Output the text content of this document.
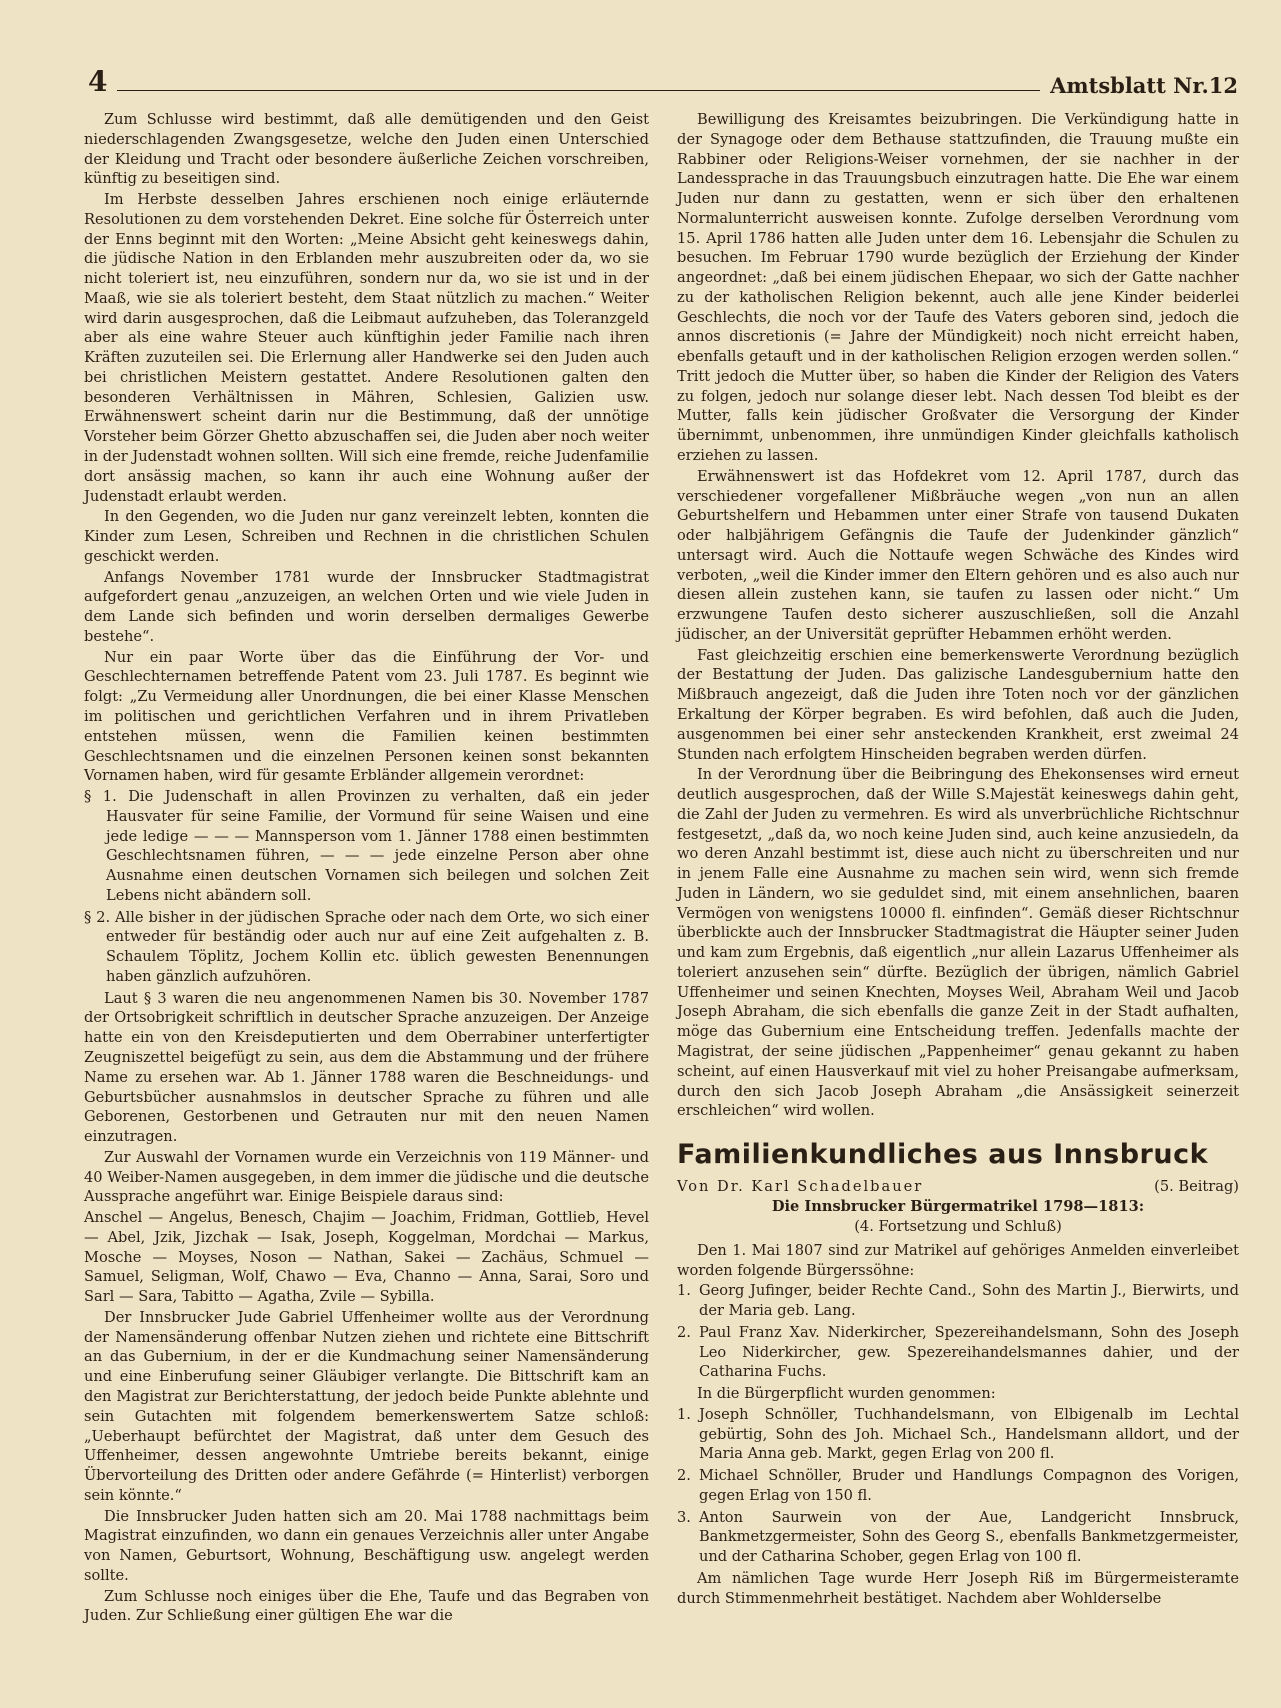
4	Amtsblatt Nr.12

Zum Schlusse wird bestimmt, daß alle demütigenden und den Geist niederschlagenden Zwangsgesetze, welche den Juden einen Unterschied der Kleidung und Tracht oder besondere äußerliche Zeichen vorschreiben, künftig zu beseitigen sind.

Im Herbste desselben Jahres erschienen noch einige erläuternde Resolutionen zu dem vorstehenden Dekret. Eine solche für Österreich unter der Enns beginnt mit den Worten: „Meine Absicht geht keineswegs dahin, die jüdische Nation in den Erblanden mehr auszubreiten oder da, wo sie nicht toleriert ist, neu einzuführen, sondern nur da, wo sie ist und in der Maaß, wie sie als toleriert besteht, dem Staat nützlich zu machen.“ Weiter wird darin ausgesprochen, daß die Leibmaut aufzuheben, das Toleranzgeld aber als eine wahre Steuer auch künftighin jeder Familie nach ihren Kräften zuzuteilen sei. Die Erlernung aller Handwerke sei den Juden auch bei christlichen Meistern gestattet. Andere Resolutionen galten den besonderen Verhältnissen in Mähren, Schlesien, Galizien usw. Erwähnenswert scheint darin nur die Bestimmung, daß der unnötige Vorsteher beim Görzer Ghetto abzuschaffen sei, die Juden aber noch weiter in der Judenstadt wohnen sollten. Will sich eine fremde, reiche Judenfamilie dort ansässig machen, so kann ihr auch eine Wohnung außer der Judenstadt erlaubt werden.

In den Gegenden, wo die Juden nur ganz vereinzelt lebten, konnten die Kinder zum Lesen, Schreiben und Rechnen in die christlichen Schulen geschickt werden.

Anfangs November 1781 wurde der Innsbrucker Stadtmagistrat aufgefordert genau „anzuzeigen, an welchen Orten und wie viele Juden in dem Lande sich befinden und worin derselben dermaliges Gewerbe bestehe“.

Nur ein paar Worte über das die Einführung der Vor- und Geschlechternamen betreffende Patent vom 23. Juli 1787. Es beginnt wie folgt: „Zu Vermeidung aller Unordnungen, die bei einer Klasse Menschen im politischen und gerichtlichen Verfahren und in ihrem Privatleben entstehen müssen, wenn die Familien keinen bestimmten Geschlechtsnamen und die einzelnen Personen keinen sonst bekannten Vornamen haben, wird für gesamte Erbländer allgemein verordnet:

§ 1. Die Judenschaft in allen Provinzen zu verhalten, daß ein jeder Hausvater für seine Familie, der Vormund für seine Waisen und eine jede ledige — — — Mannsperson vom 1. Jänner 1788 einen bestimmten Geschlechtsnamen führen, — — — jede einzelne Person aber ohne Ausnahme einen deutschen Vornamen sich beilegen und solchen Zeit Lebens nicht abändern soll.

§ 2. Alle bisher in der jüdischen Sprache oder nach dem Orte, wo sich einer entweder für beständig oder auch nur auf eine Zeit aufgehalten z. B. Schaulem Töplitz, Jochem Kollin etc. üblich gewesten Benennungen haben gänzlich aufzuhören.

Laut § 3 waren die neu angenommenen Namen bis 30. November 1787 der Ortsobrigkeit schriftlich in deutscher Sprache anzuzeigen. Der Anzeige hatte ein von den Kreisdeputierten und dem Oberrabiner unterfertigter Zeugniszettel beigefügt zu sein, aus dem die Abstammung und der frühere Name zu ersehen war. Ab 1. Jänner 1788 waren die Beschneidungs- und Geburtsbücher ausnahmslos in deutscher Sprache zu führen und alle Geborenen, Gestorbenen und Getrauten nur mit den neuen Namen einzutragen.

Zur Auswahl der Vornamen wurde ein Verzeichnis von 119 Männer- und 40 Weiber-Namen ausgegeben, in dem immer die jüdische und die deutsche Aussprache angeführt war. Einige Beispiele daraus sind:

Anschel — Angelus, Benesch, Chajim — Joachim, Fridman, Gottlieb, Hevel — Abel, Jzik, Jizchak — Isak, Joseph, Koggelman, Mordchai — Markus, Mosche — Moyses, Noson — Nathan, Sakei — Zachäus, Schmuel — Samuel, Seligman, Wolf, Chawo — Eva, Channo — Anna, Sarai, Soro und Sarl — Sara, Tabitto — Agatha, Zvile — Sybilla.

Der Innsbrucker Jude Gabriel Uffenheimer wollte aus der Verordnung der Namensänderung offenbar Nutzen ziehen und richtete eine Bittschrift an das Gubernium, in der er die Kundmachung seiner Namensänderung und eine Einberufung seiner Gläubiger verlangte. Die Bittschrift kam an den Magistrat zur Berichterstattung, der jedoch beide Punkte ablehnte und sein Gutachten mit folgendem bemerkenswertem Satze schloß: „Ueberhaupt befürchtet der Magistrat, daß unter dem Gesuch des Uffenheimer, dessen angewohnte Umtriebe bereits bekannt, einige Übervorteilung des Dritten oder andere Gefährde (= Hinterlist) verborgen sein könnte.“

Die Innsbrucker Juden hatten sich am 20. Mai 1788 nachmittags beim Magistrat einzufinden, wo dann ein genaues Verzeichnis aller unter Angabe von Namen, Geburtsort, Wohnung, Beschäftigung usw. angelegt werden sollte.

Zum Schlusse noch einiges über die Ehe, Taufe und das Begraben von Juden. Zur Schließung einer gültigen Ehe war die

Bewilligung des Kreisamtes beizubringen. Die Verkündigung hatte in der Synagoge oder dem Bethause stattzufinden, die Trauung mußte ein Rabbiner oder Religions-Weiser vornehmen, der sie nachher in der Landessprache in das Trauungsbuch einzutragen hatte. Die Ehe war einem Juden nur dann zu gestatten, wenn er sich über den erhaltenen Normalunterricht ausweisen konnte. Zufolge derselben Verordnung vom 15. April 1786 hatten alle Juden unter dem 16. Lebensjahr die Schulen zu besuchen. Im Februar 1790 wurde bezüglich der Erziehung der Kinder angeordnet: „daß bei einem jüdischen Ehepaar, wo sich der Gatte nachher zu der katholischen Religion bekennt, auch alle jene Kinder beiderlei Geschlechts, die noch vor der Taufe des Vaters geboren sind, jedoch die annos discretionis (= Jahre der Mündigkeit) noch nicht erreicht haben, ebenfalls getauft und in der katholischen Religion erzogen werden sollen.“ Tritt jedoch die Mutter über, so haben die Kinder der Religion des Vaters zu folgen, jedoch nur solange dieser lebt. Nach dessen Tod bleibt es der Mutter, falls kein jüdischer Großvater die Versorgung der Kinder übernimmt, unbenommen, ihre unmündigen Kinder gleichfalls katholisch erziehen zu lassen.

Erwähnenswert ist das Hofdekret vom 12. April 1787, durch das verschiedener vorgefallener Mißbräuche wegen „von nun an allen Geburtshelfern und Hebammen unter einer Strafe von tausend Dukaten oder halbjährigem Gefängnis die Taufe der Judenkinder gänzlich“ untersagt wird. Auch die Nottaufe wegen Schwäche des Kindes wird verboten, „weil die Kinder immer den Eltern gehören und es also auch nur diesen allein zustehen kann, sie taufen zu lassen oder nicht.“ Um erzwungene Taufen desto sicherer auszuschließen, soll die Anzahl jüdischer, an der Universität geprüfter Hebammen erhöht werden.

Fast gleichzeitig erschien eine bemerkenswerte Verordnung bezüglich der Bestattung der Juden. Das galizische Landesgubernium hatte den Mißbrauch angezeigt, daß die Juden ihre Toten noch vor der gänzlichen Erkaltung der Körper begraben. Es wird befohlen, daß auch die Juden, ausgenommen bei einer sehr ansteckenden Krankheit, erst zweimal 24 Stunden nach erfolgtem Hinscheiden begraben werden dürfen.

In der Verordnung über die Beibringung des Ehekonsenses wird erneut deutlich ausgesprochen, daß der Wille S.Majestät keineswegs dahin geht, die Zahl der Juden zu vermehren. Es wird als unverbrüchliche Richtschnur festgesetzt, „daß da, wo noch keine Juden sind, auch keine anzusiedeln, da wo deren Anzahl bestimmt ist, diese auch nicht zu überschreiten und nur in jenem Falle eine Ausnahme zu machen sein wird, wenn sich fremde Juden in Ländern, wo sie geduldet sind, mit einem ansehnlichen, baaren Vermögen von wenigstens 10000 fl. einfinden“. Gemäß dieser Richtschnur überblickte auch der Innsbrucker Stadtmagistrat die Häupter seiner Juden und kam zum Ergebnis, daß eigentlich „nur allein Lazarus Uffenheimer als toleriert anzusehen sein“ dürfte. Bezüglich der übrigen, nämlich Gabriel Uffenheimer und seinen Knechten, Moyses Weil, Abraham Weil und Jacob Joseph Abraham, die sich ebenfalls die ganze Zeit in der Stadt aufhalten, möge das Gubernium eine Entscheidung treffen. Jedenfalls machte der Magistrat, der seine jüdischen „Pappenheimer“ genau gekannt zu haben scheint, auf einen Hausverkauf mit viel zu hoher Preisangabe aufmerksam, durch den sich Jacob Joseph Abraham „die Ansässigkeit seinerzeit erschleichen“ wird wollen.

Familienkundliches aus Innsbruck
Von Dr. Karl Schadelbauer	(5. Beitrag)

Die Innsbrucker Bürgermatrikel 1798—1813:

(4. Fortsetzung und Schluß)

Den 1. Mai 1807 sind zur Matrikel auf gehöriges Anmelden einverleibet worden folgende Bürgerssöhne:

1. Georg Jufinger, beider Rechte Cand., Sohn des Martin J., Bierwirts, und der Maria geb. Lang.

2. Paul Franz Xav. Niderkircher, Spezereihandelsmann, Sohn des Joseph Leo Niderkircher, gew. Spezereihandelsmannes dahier, und der Catharina Fuchs.

In die Bürgerpflicht wurden genommen:

1. Joseph Schnöller, Tuchhandelsmann, von Elbigenalb im Lechtal gebürtig, Sohn des Joh. Michael Sch., Handelsmann alldort, und der Maria Anna geb. Markt, gegen Erlag von 200 fl.

2. Michael Schnöller, Bruder und Handlungs Compagnon des Vorigen, gegen Erlag von 150 fl.

3. Anton Saurwein von der Aue, Landgericht Innsbruck, Bankmetzgermeister, Sohn des Georg S., ebenfalls Bankmetzgermeister, und der Catharina Schober, gegen Erlag von 100 fl.

Am nämlichen Tage wurde Herr Joseph Riß im Bürgermeisteramte durch Stimmenmehrheit bestätiget. Nachdem aber Wohlderselbe
